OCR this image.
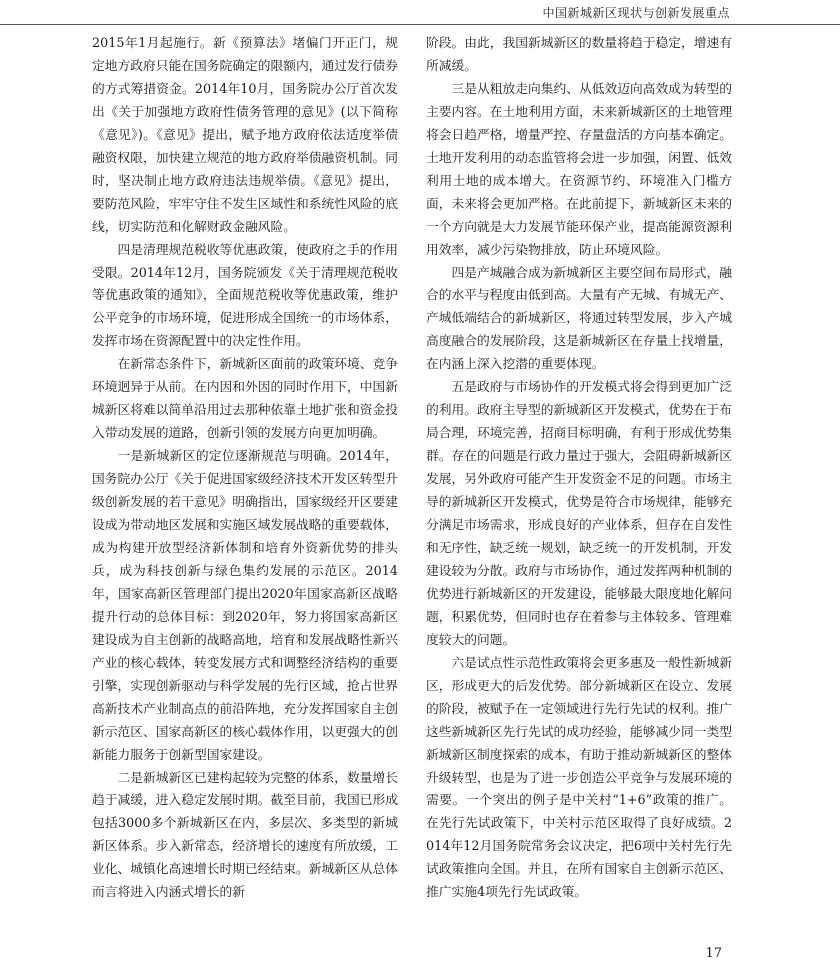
中国新城新区现状与创新发展重点

2015年1月起施行。新《预算法》堵偏门开正门，规定地方政府只能在国务院确定的限额内，通过发行债券的方式筹措资金。2014年10月，国务院办公厅首次发出《关于加强地方政府性债务管理的意见》(以下简称《意见》)。《意见》提出，赋予地方政府依法适度举债融资权限，加快建立规范的地方政府举债融资机制。同时，坚决制止地方政府违法违规举债。《意见》提出，要防范风险，牢牢守住不发生区域性和系统性风险的底线，切实防范和化解财政金融风险。

四是清理规范税收等优惠政策，使政府之手的作用受限。2014年12月，国务院颁发《关于清理规范税收等优惠政策的通知》，全面规范税收等优惠政策，维护公平竞争的市场环境，促进形成全国统一的市场体系，发挥市场在资源配置中的决定性作用。

在新常态条件下，新城新区面前的政策环境、竞争环境迥异于从前。在内因和外因的同时作用下，中国新城新区将难以简单沿用过去那种依靠土地扩张和资金投入带动发展的道路，创新引领的发展方向更加明确。

一是新城新区的定位逐渐规范与明确。2014年，国务院办公厅《关于促进国家级经济技术开发区转型升级创新发展的若干意见》明确指出，国家级经开区要建设成为带动地区发展和实施区域发展战略的重要载体，成为构建开放型经济新体制和培育外资新优势的排头兵，成为科技创新与绿色集约发展的示范区。2014年，国家高新区管理部门提出2020年国家高新区战略提升行动的总体目标：到2020年，努力将国家高新区建设成为自主创新的战略高地，培育和发展战略性新兴产业的核心载体，转变发展方式和调整经济结构的重要引擎，实现创新驱动与科学发展的先行区域，抢占世界高新技术产业制高点的前沿阵地，充分发挥国家自主创新示范区、国家高新区的核心载体作用，以更强大的创新能力服务于创新型国家建设。

二是新城新区已建构起较为完整的体系，数量增长趋于减缓，进入稳定发展时期。截至目前，我国已形成包括3000多个新城新区在内，多层次、多类型的新城新区体系。步入新常态，经济增长的速度有所放缓，工业化、城镇化高速增长时期已经结束。新城新区从总体而言将进入内涵式增长的新

阶段。由此，我国新城新区的数量将趋于稳定，增速有所减缓。

三是从粗放走向集约、从低效迈向高效成为转型的主要内容。在土地利用方面，未来新城新区的土地管理将会日趋严格，增量严控、存量盘活的方向基本确定。土地开发利用的动态监管将会进一步加强，闲置、低效利用土地的成本增大。在资源节约、环境准入门槛方面，未来将会更加严格。在此前提下，新城新区未来的一个方向就是大力发展节能环保产业，提高能源资源利用效率，减少污染物排放，防止环境风险。

四是产城融合成为新城新区主要空间布局形式，融合的水平与程度由低到高。大量有产无城、有城无产、产城低端结合的新城新区，将通过转型发展，步入产城高度融合的发展阶段，这是新城新区在存量上找增量，在内涵上深入挖潜的重要体现。

五是政府与市场协作的开发模式将会得到更加广泛的利用。政府主导型的新城新区开发模式，优势在于布局合理，环境完善，招商目标明确，有利于形成优势集群。存在的问题是行政力量过于强大，会阻碍新城新区发展，另外政府可能产生开发资金不足的问题。市场主导的新城新区开发模式，优势是符合市场规律，能够充分满足市场需求，形成良好的产业体系，但存在自发性和无序性，缺乏统一规划，缺乏统一的开发机制，开发建设较为分散。政府与市场协作，通过发挥两种机制的优势进行新城新区的开发建设，能够最大限度地化解问题，积累优势，但同时也存在着参与主体较多、管理难度较大的问题。

六是试点性示范性政策将会更多惠及一般性新城新区，形成更大的后发优势。部分新城新区在设立、发展的阶段，被赋予在一定领域进行先行先试的权利。推广这些新城新区先行先试的成功经验，能够减少同一类型新城新区制度探索的成本，有助于推动新城新区的整体升级转型，也是为了进一步创造公平竞争与发展环境的需要。一个突出的例子是中关村“1+6”政策的推广。在先行先试政策下，中关村示范区取得了良好成绩。2014年12月国务院常务会议决定，把6项中关村先行先试政策推向全国。并且，在所有国家自主创新示范区、推广实施4项先行先试政策。

17
